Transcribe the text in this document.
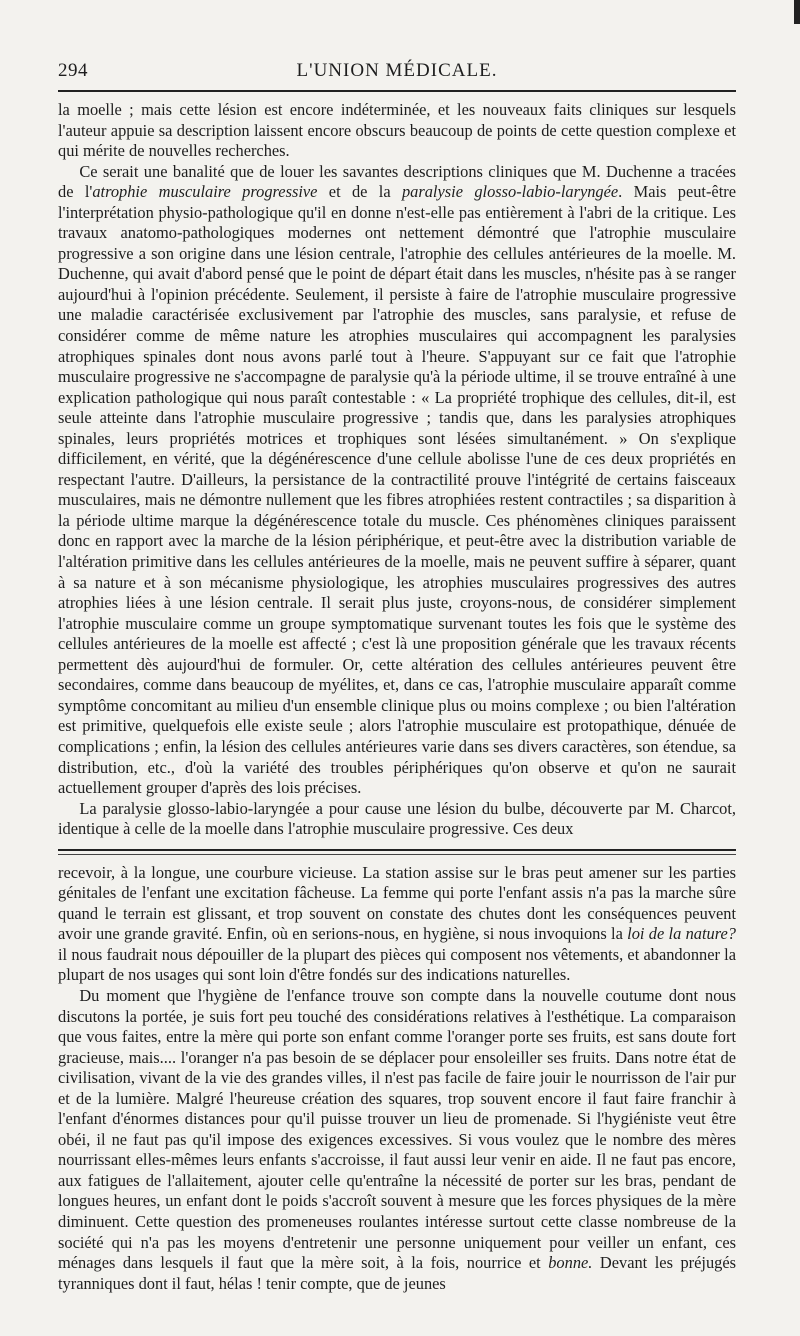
294	L'UNION MÉDICALE.

la moelle ; mais cette lésion est encore indéterminée, et les nouveaux faits cliniques sur lesquels l'auteur appuie sa description laissent encore obscurs beaucoup de points de cette question complexe et qui mérite de nouvelles recherches.

Ce serait une banalité que de louer les savantes descriptions cliniques que M. Duchenne a tracées de l'atrophie musculaire progressive et de la paralysie glosso-labio-laryngée. Mais peut-être l'interprétation physio-pathologique qu'il en donne n'est-elle pas entièrement à l'abri de la critique. Les travaux anatomo-pathologiques modernes ont nettement démontré que l'atrophie musculaire progressive a son origine dans une lésion centrale, l'atrophie des cellules antérieures de la moelle. M. Duchenne, qui avait d'abord pensé que le point de départ était dans les muscles, n'hésite pas à se ranger aujourd'hui à l'opinion précédente. Seulement, il persiste à faire de l'atrophie musculaire progressive une maladie caractérisée exclusivement par l'atrophie des muscles, sans paralysie, et refuse de considérer comme de même nature les atrophies musculaires qui accompagnent les paralysies atrophiques spinales dont nous avons parlé tout à l'heure. S'appuyant sur ce fait que l'atrophie musculaire progressive ne s'accompagne de paralysie qu'à la période ultime, il se trouve entraîné à une explication pathologique qui nous paraît contestable : « La propriété trophique des cellules, dit-il, est seule atteinte dans l'atrophie musculaire progressive ; tandis que, dans les paralysies atrophiques spinales, leurs propriétés motrices et trophiques sont lésées simultanément. » On s'explique difficilement, en vérité, que la dégénérescence d'une cellule abolisse l'une de ces deux propriétés en respectant l'autre. D'ailleurs, la persistance de la contractilité prouve l'intégrité de certains faisceaux musculaires, mais ne démontre nullement que les fibres atrophiées restent contractiles ; sa disparition à la période ultime marque la dégénérescence totale du muscle. Ces phénomènes cliniques paraissent donc en rapport avec la marche de la lésion périphérique, et peut-être avec la distribution variable de l'altération primitive dans les cellules antérieures de la moelle, mais ne peuvent suffire à séparer, quant à sa nature et à son mécanisme physiologique, les atrophies musculaires progressives des autres atrophies liées à une lésion centrale. Il serait plus juste, croyons-nous, de considérer simplement l'atrophie musculaire comme un groupe symptomatique survenant toutes les fois que le système des cellules antérieures de la moelle est affecté ; c'est là une proposition générale que les travaux récents permettent dès aujourd'hui de formuler. Or, cette altération des cellules antérieures peuvent être secondaires, comme dans beaucoup de myélites, et, dans ce cas, l'atrophie musculaire apparaît comme symptôme concomitant au milieu d'un ensemble clinique plus ou moins complexe ; ou bien l'altération est primitive, quelquefois elle existe seule ; alors l'atrophie musculaire est protopathique, dénuée de complications ; enfin, la lésion des cellules antérieures varie dans ses divers caractères, son étendue, sa distribution, etc., d'où la variété des troubles périphériques qu'on observe et qu'on ne saurait actuellement grouper d'après des lois précises.

La paralysie glosso-labio-laryngée a pour cause une lésion du bulbe, découverte par M. Charcot, identique à celle de la moelle dans l'atrophie musculaire progressive. Ces deux

recevoir, à la longue, une courbure vicieuse. La station assise sur le bras peut amener sur les parties génitales de l'enfant une excitation fâcheuse. La femme qui porte l'enfant assis n'a pas la marche sûre quand le terrain est glissant, et trop souvent on constate des chutes dont les conséquences peuvent avoir une grande gravité. Enfin, où en serions-nous, en hygiène, si nous invoquions la loi de la nature? il nous faudrait nous dépouiller de la plupart des pièces qui composent nos vêtements, et abandonner la plupart de nos usages qui sont loin d'être fondés sur des indications naturelles.

Du moment que l'hygiène de l'enfance trouve son compte dans la nouvelle coutume dont nous discutons la portée, je suis fort peu touché des considérations relatives à l'esthétique. La comparaison que vous faites, entre la mère qui porte son enfant comme l'oranger porte ses fruits, est sans doute fort gracieuse, mais.... l'oranger n'a pas besoin de se déplacer pour ensoleiller ses fruits. Dans notre état de civilisation, vivant de la vie des grandes villes, il n'est pas facile de faire jouir le nourrisson de l'air pur et de la lumière. Malgré l'heureuse création des squares, trop souvent encore il faut faire franchir à l'enfant d'énormes distances pour qu'il puisse trouver un lieu de promenade. Si l'hygiéniste veut être obéi, il ne faut pas qu'il impose des exigences excessives. Si vous voulez que le nombre des mères nourrissant elles-mêmes leurs enfants s'accroisse, il faut aussi leur venir en aide. Il ne faut pas encore, aux fatigues de l'allaitement, ajouter celle qu'entraîne la nécessité de porter sur les bras, pendant de longues heures, un enfant dont le poids s'accroît souvent à mesure que les forces physiques de la mère diminuent. Cette question des promeneuses roulantes intéresse surtout cette classe nombreuse de la société qui n'a pas les moyens d'entretenir une personne uniquement pour veiller un enfant, ces ménages dans lesquels il faut que la mère soit, à la fois, nourrice et bonne. Devant les préjugés tyranniques dont il faut, hélas ! tenir compte, que de jeunes
